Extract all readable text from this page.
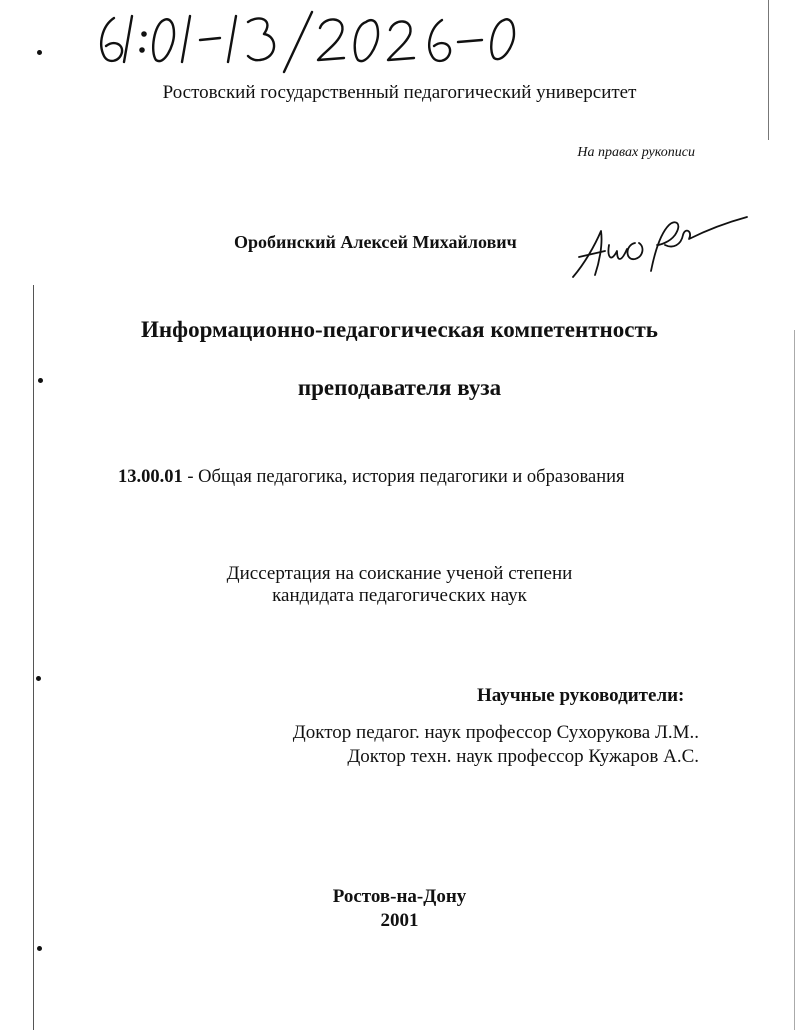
Ростовский государственный педагогический университет
На правах рукописи
Оробинский Алексей Михайлович
Информационно-педагогическая компетентность
преподавателя вуза
13.00.01 - Общая педагогика, история педагогики и образования
Диссертация на соискание ученой степени
кандидата педагогических наук
Научные руководители:
Доктор педагог. наук профессор Сухорукова Л.М..
Доктор техн. наук профессор Кужаров А.С.
Ростов-на-Дону
2001
